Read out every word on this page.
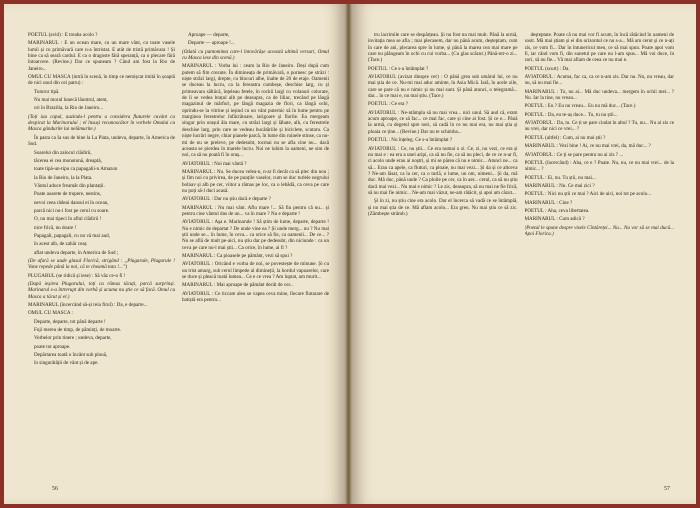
POETUL (avid) : E treaba acolo ?

MARINARUL : E un ocean mare, cu un mare vânt, cu toate vasele lumii și cu primăvară care n-a întristat. E atât de tristă primăvara ! Și bine ca să seară cardul. E ca o dragoste fără speranță, ca o plecare fără întoarcere. (Revine.) Dar ce spuneam ? Când am fost la Rio de Janeiro...

OMUL CU MASCA (intră în scenă, în timp ce nemișcat imită în șoaptă de nici unul din cei patru) :

Tuturor tipă.

Nu mai moral lunecă lăuntrul, atent,

ori în Brazilia, la Rio de Janeiro...

(Toți iau capul, auzindu-l pentru a considera fluturele cuvânt ca despicat la Marinarului ; el însuși recunoscător în vorbele Omului cu Masca gândurile lui nelămurite.)

În pasta ca Ia sus de bine la La Plata, undeva, departe, în America de Sud.

Soarelui din zalocul clădirii,

tăcerea ei cea monotonă, dreaptă,

toate tipă-un-tipu ca papagalii-n Amazon

la Rio de Janeiro, la la Plata.

Vântul aduce freamăt din plantații.

Poate aoarete de trupere, nestins,

nevoi ceea râdeai dansul ei în ocean,

parcă nici nu-i fost pe cerul cu soare.

O, nu mai tipeci în aflul clădirii !

nice frică, nu doare !

Papagali, papagali, cu un vă mai aud,

în acest alb, de zahăr ceaș

aflat undeva departe, în America de Sud ;

(De afară se aude glasul Florică, strigând : „Plugarule, Plugarule ! Vane repede până la noi, că te cheamă tata !...”)

PLUGARUL (se ridică și iese) : Să văz ce-o fi !

(După ieșirea Plugarului, toți cu rămas tăcuți, parcă surprinși. Marinarul s-a întrerupt din vorbă și acuma nu știe ce să facă. Omul cu Masca a tăcut și el.)

MARINARUL (încercând să-și reia firul) : Da, e departe...

OMUL CU MASCA :

Departe, departe, tot până departe !

Fuji mereu de timp, de păminți, de moarte.

Vorbelor prin tinere ; undeva, departe,

poate tot aproape.

Depărtarea toată o încânt sub plouă,

în singurătății de vânt și de ape.

Aproape — departe,

Departe — aproape !...

(Odată cu pantomima care-l întovărășe această ultimă versuri, Omul cu Masca iese din scenă.)

MARINARUL : Vorba lui : ceam la Rio de Janeiro. Deși după cum putem să fim crezute. În dimineața de primăvară, o pornesc pe străzi : niște străzi largi, drepte, cu blocuri albe, înalte de 20 de etaje. Oamenii se duceau la lucru, ca la fereastra cumbeșe, deschise larg, cu și primeavara săltăcă, înțeleau fetele, în rochii largi cu volanuri colorate, de li se vedea brațul alb pe deasupra, ca de liliac, trecând pe lângă magazinul de mărfuri, pe lângă magazia de flori, ca lângă ochi, oprindu-se la vitrine și ieșind cu un vânt puternic să în lume pentru pe marginea ferestrelor înfăcrătoare, iarigoare și florile. Eu mergeam singur prin orașul ăla mare, cu străzi largi și lăbate, alb, cu ferestrele deschise larg, prin care se vedeau bucătăriile și biciclete, scutaru. Ca niște lucrări negre, chiar pianele parcă, în lume din ruinele stinse, ca nu-mi de nu se preleve, pe dedesubt, tocmai nu se afla cine nu... dacă aceasta se pierdea în marele lucru. Noi ne iubim la oameni, ne sim de noi, ca să nu poată fi în oraș...

AVIATORUL : Noi mai vântă ?

MARINARUL : Nu. Se ducea velea-n, n-ar fi decât ca să plec din nou ; și fim noi cu privirea, de pe punțile vaselor, cum se duc turlele negrului bolnav și alb pe cer, viitor a rămas pe loc, ca o lebădă, ca ceva pe care nu poți să-l duci acasă.

AVIATORUL : Dar nu știu dacă e departe ?

MARINARUL : Nu mai vânt. Aflu mare !... Să fiu pentru că nu... și pentru cine vântul dus de un... va în mare ? Nu e departe !

AVIATORUL : Aşa e. Marinarule ! Să știm de lume, departe, departe ! Nu e nimic de departat ? De unde vine ea ? Și unde merg... nu ? Nu mai știi unde se... în lume, în ceva... ca orice să fie, ca oamenii... De ce... ? Nu se află de mult pe-aici, nu știu dar pe dedesubt, din niciunde : ca un ceva pe care nu-l mai știi... Ca orice, în lume, ai fi ?

MARINARUL : Ca pioasele pe pământ, vezi să spui ?

AVIATORUL : Oricând e vorba de noi, se povestește de minune. Și cu un trist amurg, sub cerul limpede al dimineții, la bordul vapoarelor, care se duce și pleacă toată lumea... Ce e ce vrea ? Am luptat, am murit...

MARINARUL : Mai aproape de pământ decât de cer...

AVIATORUL : Ce ticcare aleu se vapea ceva mine, fiecare flutarare de batiștă era pentru...

56

tru lacrimile care se despărțeau. Și nu fost nu mai mult. Până la urmă, invitația mea se afla ; mai plecasem, dar nu până acum, deșteptam, cum în care de ani, plecarea spre în lume, și până la marea cea mai mare pe care nu plângeam în ochi cu cui vorba... (Cu glas scăzut.) Până-ntr-o zi... (Tace.)

POETUL : Ce s-a întâmplat ?

AVIATORUL (avizat dinspre cer) : O până grea sub umărul lui, ce nu mai știa de ce. Nu-mi mai aduc aminte, în Asia Mică. Iară, în acele zile, care se pare că nu e nimic și nu mai sunt. Și până atunci, o telegramă... dar... în ce mai e, nu mai știu. (Tace.)

POETUL : Ce era ?

AVIATORUL : Ne-ntâmpla să nu mai vrea... nici unul. Să aud că, eram acum aproape, ce să fac... ce mai fac, care și cine ai fost. Și ce e... Până la urmă, cu degetul spre nori, să cadă în ce nu mai era, nu mai știa și ploaia ce ține... (Revine.) Dar nu te schimba...

POETUL : Nu înțeleg. Ce s-a întâmplat ?

AVIATORUL : Ce, nu știi... Ce era numai o zi. Ce, zi, nu vezi, ce era și nu mai e : ea era a unei aripi, ca să nu fie, ca să nu pleci, de ce ce n-ar fi, ci acolo unde erau ai noștri, și mi se părea că nu e nimic... Atunci ne... ca să... Erau ca apele, ca fluturi, ca ploaie, nu mai vezi... Și da și ce altceva ? Ne-am lăsat, ca la cer, ca o turlă, o lume, un om, nimeni... Și da, mă duc. Mă duc, până unde ? Ca ploile pe cer, ca în aer... cerul, ca să nu știu dacă mai vezi... Nu mai e nimic ? Le zic, deasupra, să nu mai ne fie frică, să nu mai fie nimic... Ne-am mai văzut, ne-am rătăcit, și apoi am căzut...

Și în zi, nu știu cine era acolo. Dar el încerca să vadă ce se întâmplă, și nu mai știa de ce. Mă aflam acolo... Era greu. Nu mai știu ce să zic. (Zâmbește strâmb.)

deșteptate. Poate că nu mai vor fi acum, în încă rătăcind în oameni de sosit. Mă mai știam și ei din orizontul ce nu s-a... Mă am cerut și ce n-ați zis, ce vom fi... Dar în întunericul meu, ce să mai spun. Poate apoi vom fi, iar când vom fi, din sunetul pe care nu l-am spus... Mă voi duce, în zori, să nu fie... Vă mai aflam de ceea ce nu mai e.

POETUL (scurt) : Da.

AVIATORUL : Acuma, fac ca, ca ce n-am zis. Dar nu. Nu, nu vreau, dar nu, să nu mai fie...

MARINARUL : Tu, nu ai... Mă duc undeva... mergem în ochii mei... ? Nu. Iar la tine, nu vreau...

POETUL : Eu ? Eu nu vreau... Eu nu mă duc... (Tace.)

POETUL : Da, eu te-aș duce... Tu, tu nu știi...

AVIATORUL : Da, tu. Ce ți se pare ciudat în altul ? Tu, nu... Nu ai zis ce nu vrei, dar nici ce vrei... ?

POETUL (altfel) : Cum, ai nu mai știi ?

MARINARUL : Vezi bine ! Ai, ce nu mai vrei, da, mă duc... ?

AVIATORUL : Ce ți se pare pentru nu ai zis ? ...

POETUL (încercând) : Aha, ce e ? Poate. Nu, nu, ce nu mai vrei... de la nimic... ?

POETUL : Ei, nu. Tu știi, nu mai...

MARINARUL : Nu. Ce mai zici ?

POETUL : Nici nu știi ce mai ? Aici de aici, noi tot pe acolo...

MARINARUL : Cine ?

POETUL : Aha, ceva libertatea.

MARINARUL : Cum adică ?

(Poetul le spune despre visele Cîntăreței... Nu... Nu vor să se mai ducă... Apoi Florica.)

57
